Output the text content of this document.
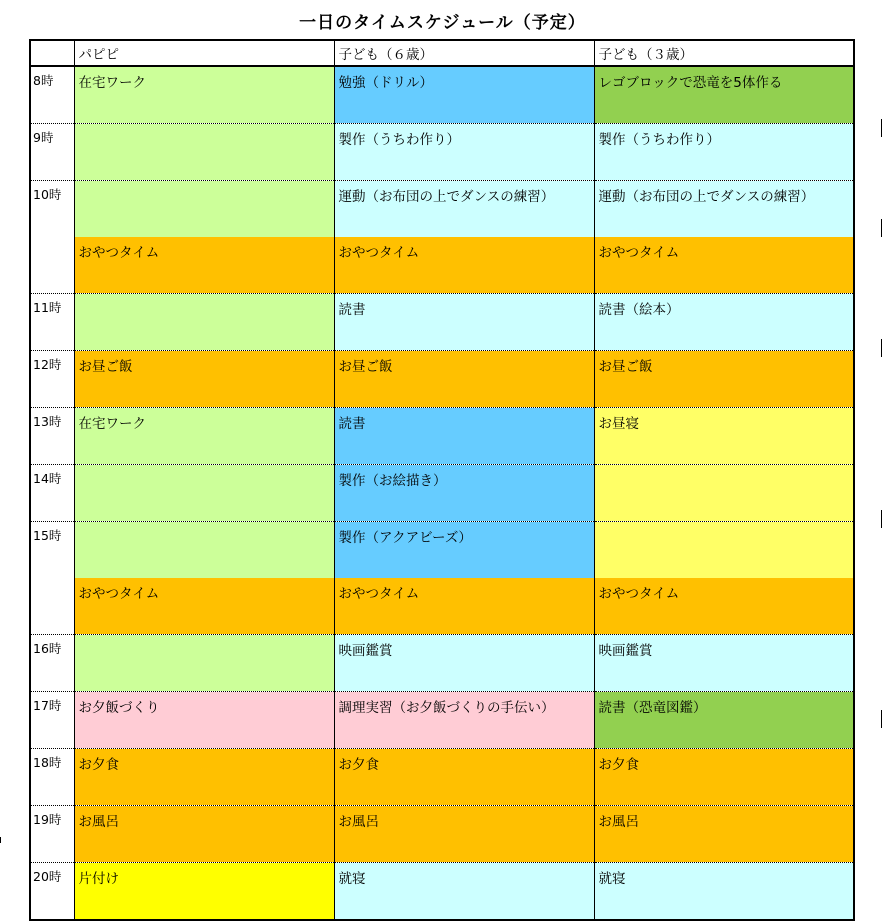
一日のタイムスケジュール（予定）
	パピピ	子ども（６歳）	子ども（３歳）
8時	在宅ワーク	勉強（ドリル）	レゴブロックで恐竜を5体作る
9時		製作（うちわ作り）	製作（うちわ作り）
10時		運動（お布団の上でダンスの練習）	運動（お布団の上でダンスの練習）
	おやつタイム	おやつタイム	おやつタイム
11時		読書	読書（絵本）
12時	お昼ご飯	お昼ご飯	お昼ご飯
13時	在宅ワーク	読書	お昼寝
14時		製作（お絵描き）	
15時		製作（アクアビーズ）	
	おやつタイム	おやつタイム	おやつタイム
16時		映画鑑賞	映画鑑賞
17時	お夕飯づくり	調理実習（お夕飯づくりの手伝い）	読書（恐竜図鑑）
18時	お夕食	お夕食	お夕食
19時	お風呂	お風呂	お風呂
20時	片付け	就寝	就寝
